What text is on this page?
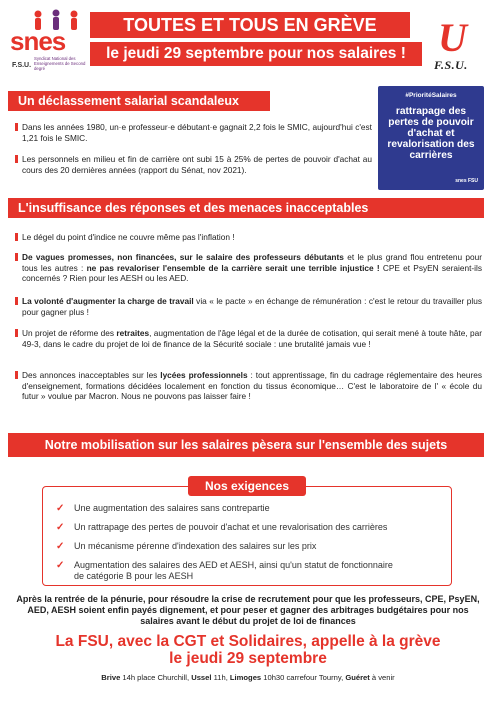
snes
F.S.U.
Syndicat National des Enseignements de Second degré
TOUTES ET TOUS EN GRÈVE
le jeudi 29 septembre pour nos salaires ! U
F.S.U.
Un déclassement salarial scandaleux
Dans les années 1980, un·e professeur·e débutant·e gagnait 2,2 fois le SMIC, aujourd'hui c'est 1,21 fois le SMIC.
Les personnels en milieu et fin de carrière ont subi 15 à 25% de pertes de pouvoir d'achat au cours des 20 dernières années (rapport du Sénat, nov 2021).
#PrioritéSalaires
rattrapage des pertes de pouvoir d'achat et revalorisation des carrières
snes FSU
L'insuffisance des réponses et des menaces inacceptables
Le dégel du point d'indice ne couvre même pas l'inflation !
De vagues promesses, non financées, sur le salaire des professeurs débutants et le plus grand flou entretenu pour tous les autres : ne pas revaloriser l'ensemble de la carrière serait une terrible injustice ! CPE et PsyEN seraient-ils concernés ? Rien pour les AESH ou les AED.
La volonté d'augmenter la charge de travail via « le pacte » en échange de rémunération : c'est le retour du travailler plus pour gagner plus !
Un projet de réforme des retraites, augmentation de l'âge légal et de la durée de cotisation, qui serait mené à toute hâte, par 49-3, dans le cadre du projet de loi de finance de la Sécurité sociale : une brutalité jamais vue !
Des annonces inacceptables sur les lycées professionnels : tout apprentissage, fin du cadrage réglementaire des heures d'enseignement, formations décidées localement en fonction du tissus économique… C'est le laboratoire de l' « école du futur » voulue par Macron. Nous ne pouvons pas laisser faire !
Notre mobilisation sur les salaires pèsera sur l'ensemble des sujets
Nos exigences
✓ Une augmentation des salaires sans contrepartie
✓ Un rattrapage des pertes de pouvoir d'achat et une revalorisation des carrières
✓ Un mécanisme pérenne d'indexation des salaires sur les prix
✓ Augmentation des salaires des AED et AESH, ainsi qu'un statut de fonctionnaire
de catégorie B pour les AESH
Après la rentrée de la pénurie, pour résoudre la crise de recrutement pour que les professeurs, CPE, PsyEN, AED, AESH soient enfin payés dignement, et pour peser et gagner des arbitrages budgétaires pour nos salaires avant le début du projet de loi de finances
La FSU, avec la CGT et Solidaires, appelle à la grève
le jeudi 29 septembre
Brive 14h place Churchill, Ussel 11h, Limoges 10h30 carrefour Tourny, Guéret à venir
